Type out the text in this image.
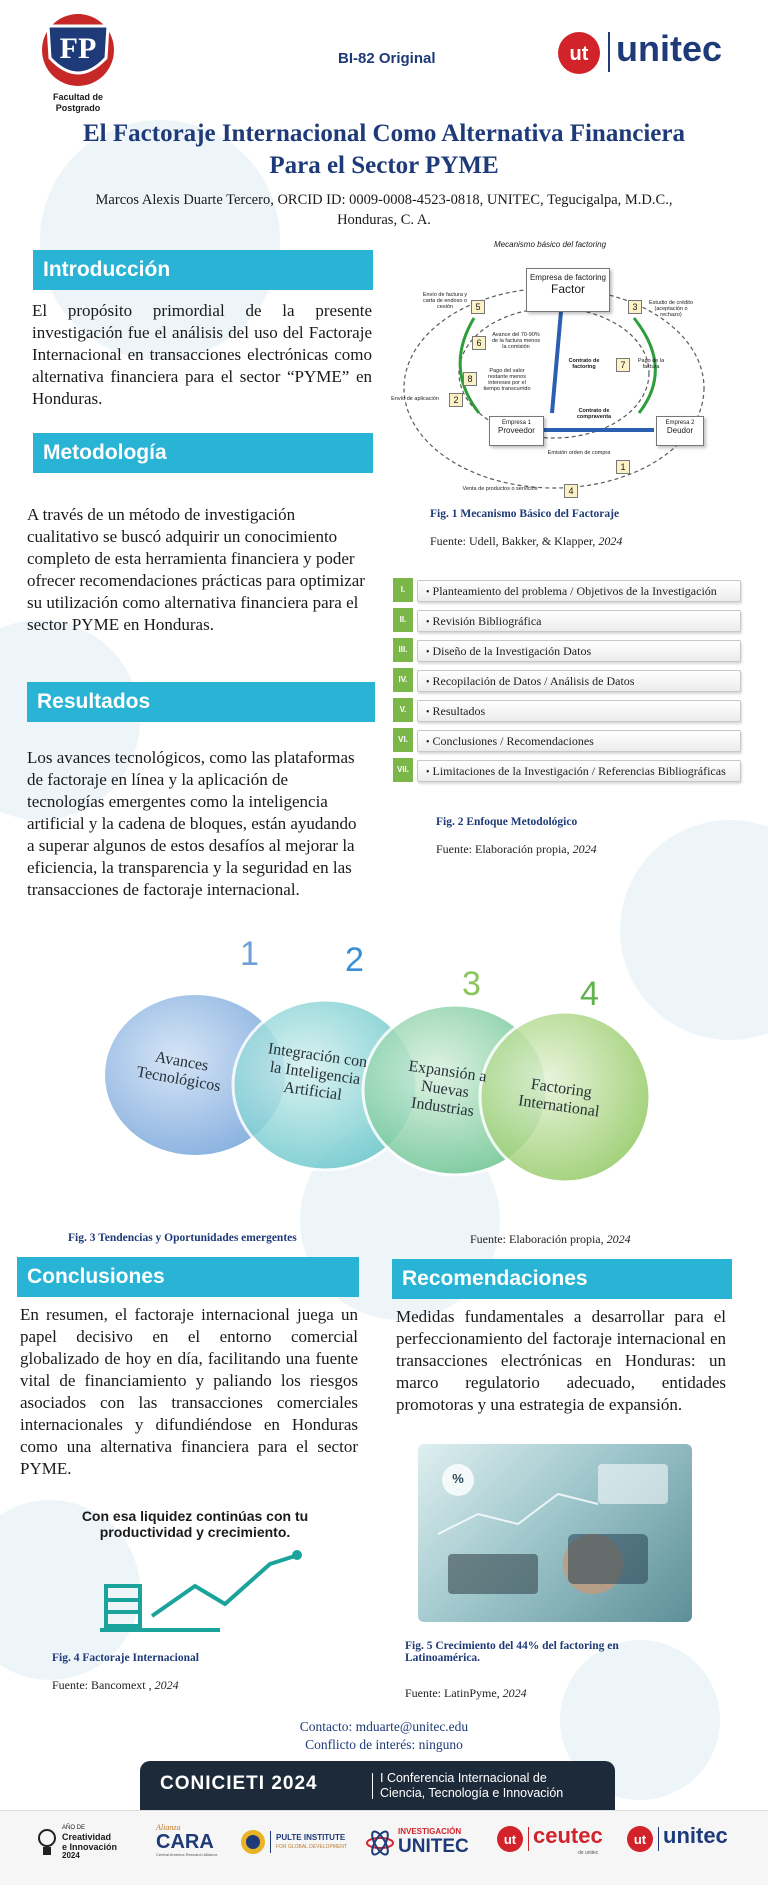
FP
Facultad de
Postgrado
BI-82 Original	ut unitec
El Factoraje Internacional Como Alternativa Financiera
Para el Sector PYME
Marcos Alexis Duarte Tercero, ORCID ID: 0009-0008-4523-0818, UNITEC, Tegucigalpa, M.D.C.,
Honduras, C. A.
Introducción
El propósito primordial de la presente investigación fue el análisis del uso del Factoraje Internacional en transacciones electrónicas como alternativa financiera para el sector “PYME” en Honduras.
Metodología
A través de un método de investigación cualitativo se buscó adquirir un conocimiento completo de esta herramienta financiera y poder ofrecer recomendaciones prácticas para optimizar su utilización como alternativa financiera para el sector PYME en Honduras.
Resultados
Los avances tecnológicos, como las plataformas de factoraje en línea y la aplicación de tecnologías emergentes como la inteligencia artificial y la cadena de bloques, están ayudando a superar algunos de estos desafíos al mejorar la eficiencia, la transparencia y la seguridad en las transacciones de factoraje internacional.
Mecanismo básico del factoring
Empresa de factoring
Factor
Empresa 1
Proveedor
Empresa 2
Deudor
5
6
8
2
3
7
1
4
Envío de factura y carta de endoso o cesión
Avance del 70-90% de la factura menos la comisión
Pago del valor restante menos intereses por el tiempo transcurrido
Contrato de factoring
Estudio de crédito (aceptación o rechazo)
Pago de la factura
Envío de aplicación
Contrato de compraventa
Emisión orden de compra
Venta de productos o servicios
Fig. 1 Mecanismo Básico del Factoraje
Fuente: Udell, Bakker, & Klapper, 2024
I.	• Planteamiento del problema / Objetivos de la Investigación
II.	• Revisión Bibliográfica
III.	• Diseño de la Investigación Datos
IV.	• Recopilación de Datos / Análisis de Datos
V.	• Resultados
VI.	• Conclusiones / Recomendaciones
VII.	• Limitaciones de la Investigación / Referencias Bibliográficas
Fig. 2 Enfoque Metodológico
Fuente: Elaboración propia, 2024
1	2
3	4
Avances Tecnológicos
Integración con la Inteligencia Artificial
Expansión a Nuevas Industrias
Factoring International
Fig. 3 Tendencias y Oportunidades emergentes	Fuente: Elaboración propia, 2024
Conclusiones
En resumen, el factoraje internacional juega un papel decisivo en el entorno comercial globalizado de hoy en día, facilitando una fuente vital de financiamiento y paliando los riesgos asociados con las transacciones comerciales internacionales y difundiéndose en Honduras como una alternativa financiera para el sector PYME.
Recomendaciones
Medidas fundamentales a desarrollar para el perfeccionamiento del factoraje internacional en transacciones electrónicas en Honduras: un marco regulatorio adecuado, entidades promotoras y una estrategia de expansión.
Con esa liquidez continúas con tu
productividad y crecimiento.
Fig. 4 Factoraje Internacional
Fuente: Bancomext , 2024
%
Fig. 5 Crecimiento del 44% del factoring en
Latinoamérica.
Fuente: LatinPyme, 2024
Contacto: mduarte@unitec.edu
Conflicto de interés: ninguno
CONICIETI 2024	I Conferencia Internacional de
Ciencia, Tecnología e Innovación
AÑO DE
Creatividad
e Innovación
2024
Alianza
CARA
Central America Research Alliance
PULTE INSTITUTE
FOR GLOBAL DEVELOPMENT
INVESTIGACIÓN
UNITEC	ut ceutec
de unitec
ut unitec
